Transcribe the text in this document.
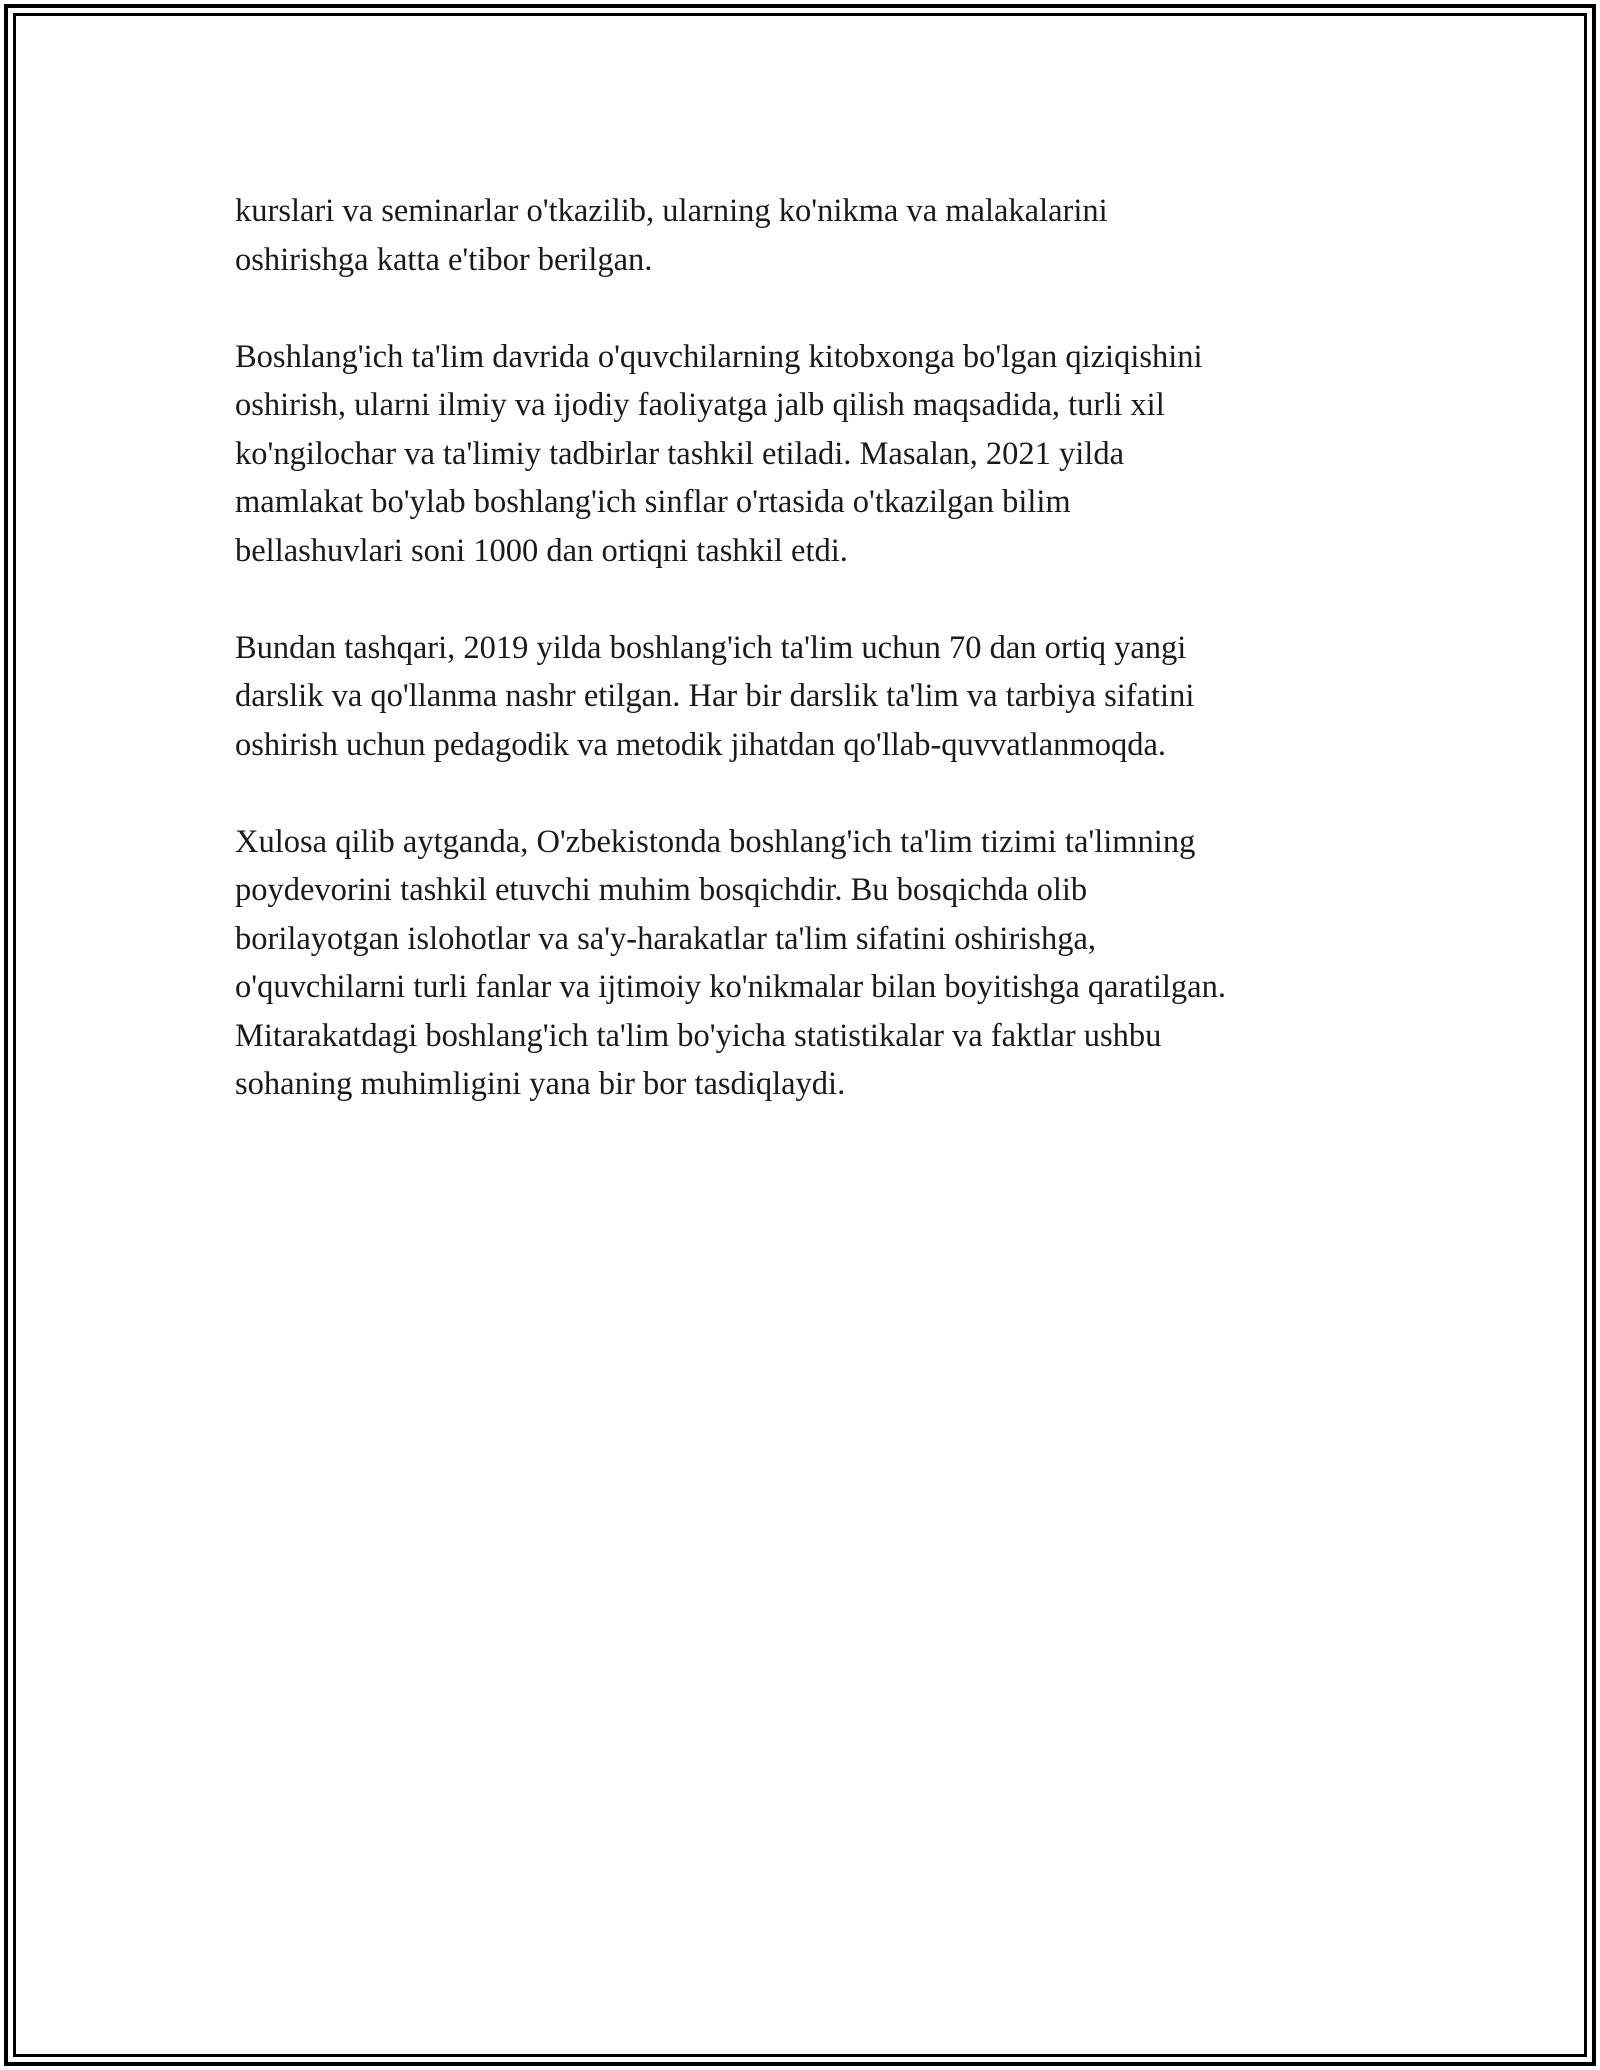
kurslari va seminarlar o'tkazilib, ularning ko'nikma va malakalarini
oshirishga katta e'tibor berilgan.

Boshlang'ich ta'lim davrida o'quvchilarning kitobxonga bo'lgan qiziqishini
oshirish, ularni ilmiy va ijodiy faoliyatga jalb qilish maqsadida, turli xil
ko'ngilochar va ta'limiy tadbirlar tashkil etiladi. Masalan, 2021 yilda
mamlakat bo'ylab boshlang'ich sinflar o'rtasida o'tkazilgan bilim
bellashuvlari soni 1000 dan ortiqni tashkil etdi.

Bundan tashqari, 2019 yilda boshlang'ich ta'lim uchun 70 dan ortiq yangi
darslik va qo'llanma nashr etilgan. Har bir darslik ta'lim va tarbiya sifatini
oshirish uchun pedagodik va metodik jihatdan qo'llab-quvvatlanmoqda.

Xulosa qilib aytganda, O'zbekistonda boshlang'ich ta'lim tizimi ta'limning
poydevorini tashkil etuvchi muhim bosqichdir. Bu bosqichda olib
borilayotgan islohotlar va sa'y-harakatlar ta'lim sifatini oshirishga,
o'quvchilarni turli fanlar va ijtimoiy ko'nikmalar bilan boyitishga qaratilgan.
Mitarakatdagi boshlang'ich ta'lim bo'yicha statistikalar va faktlar ushbu
sohaning muhimligini yana bir bor tasdiqlaydi.
